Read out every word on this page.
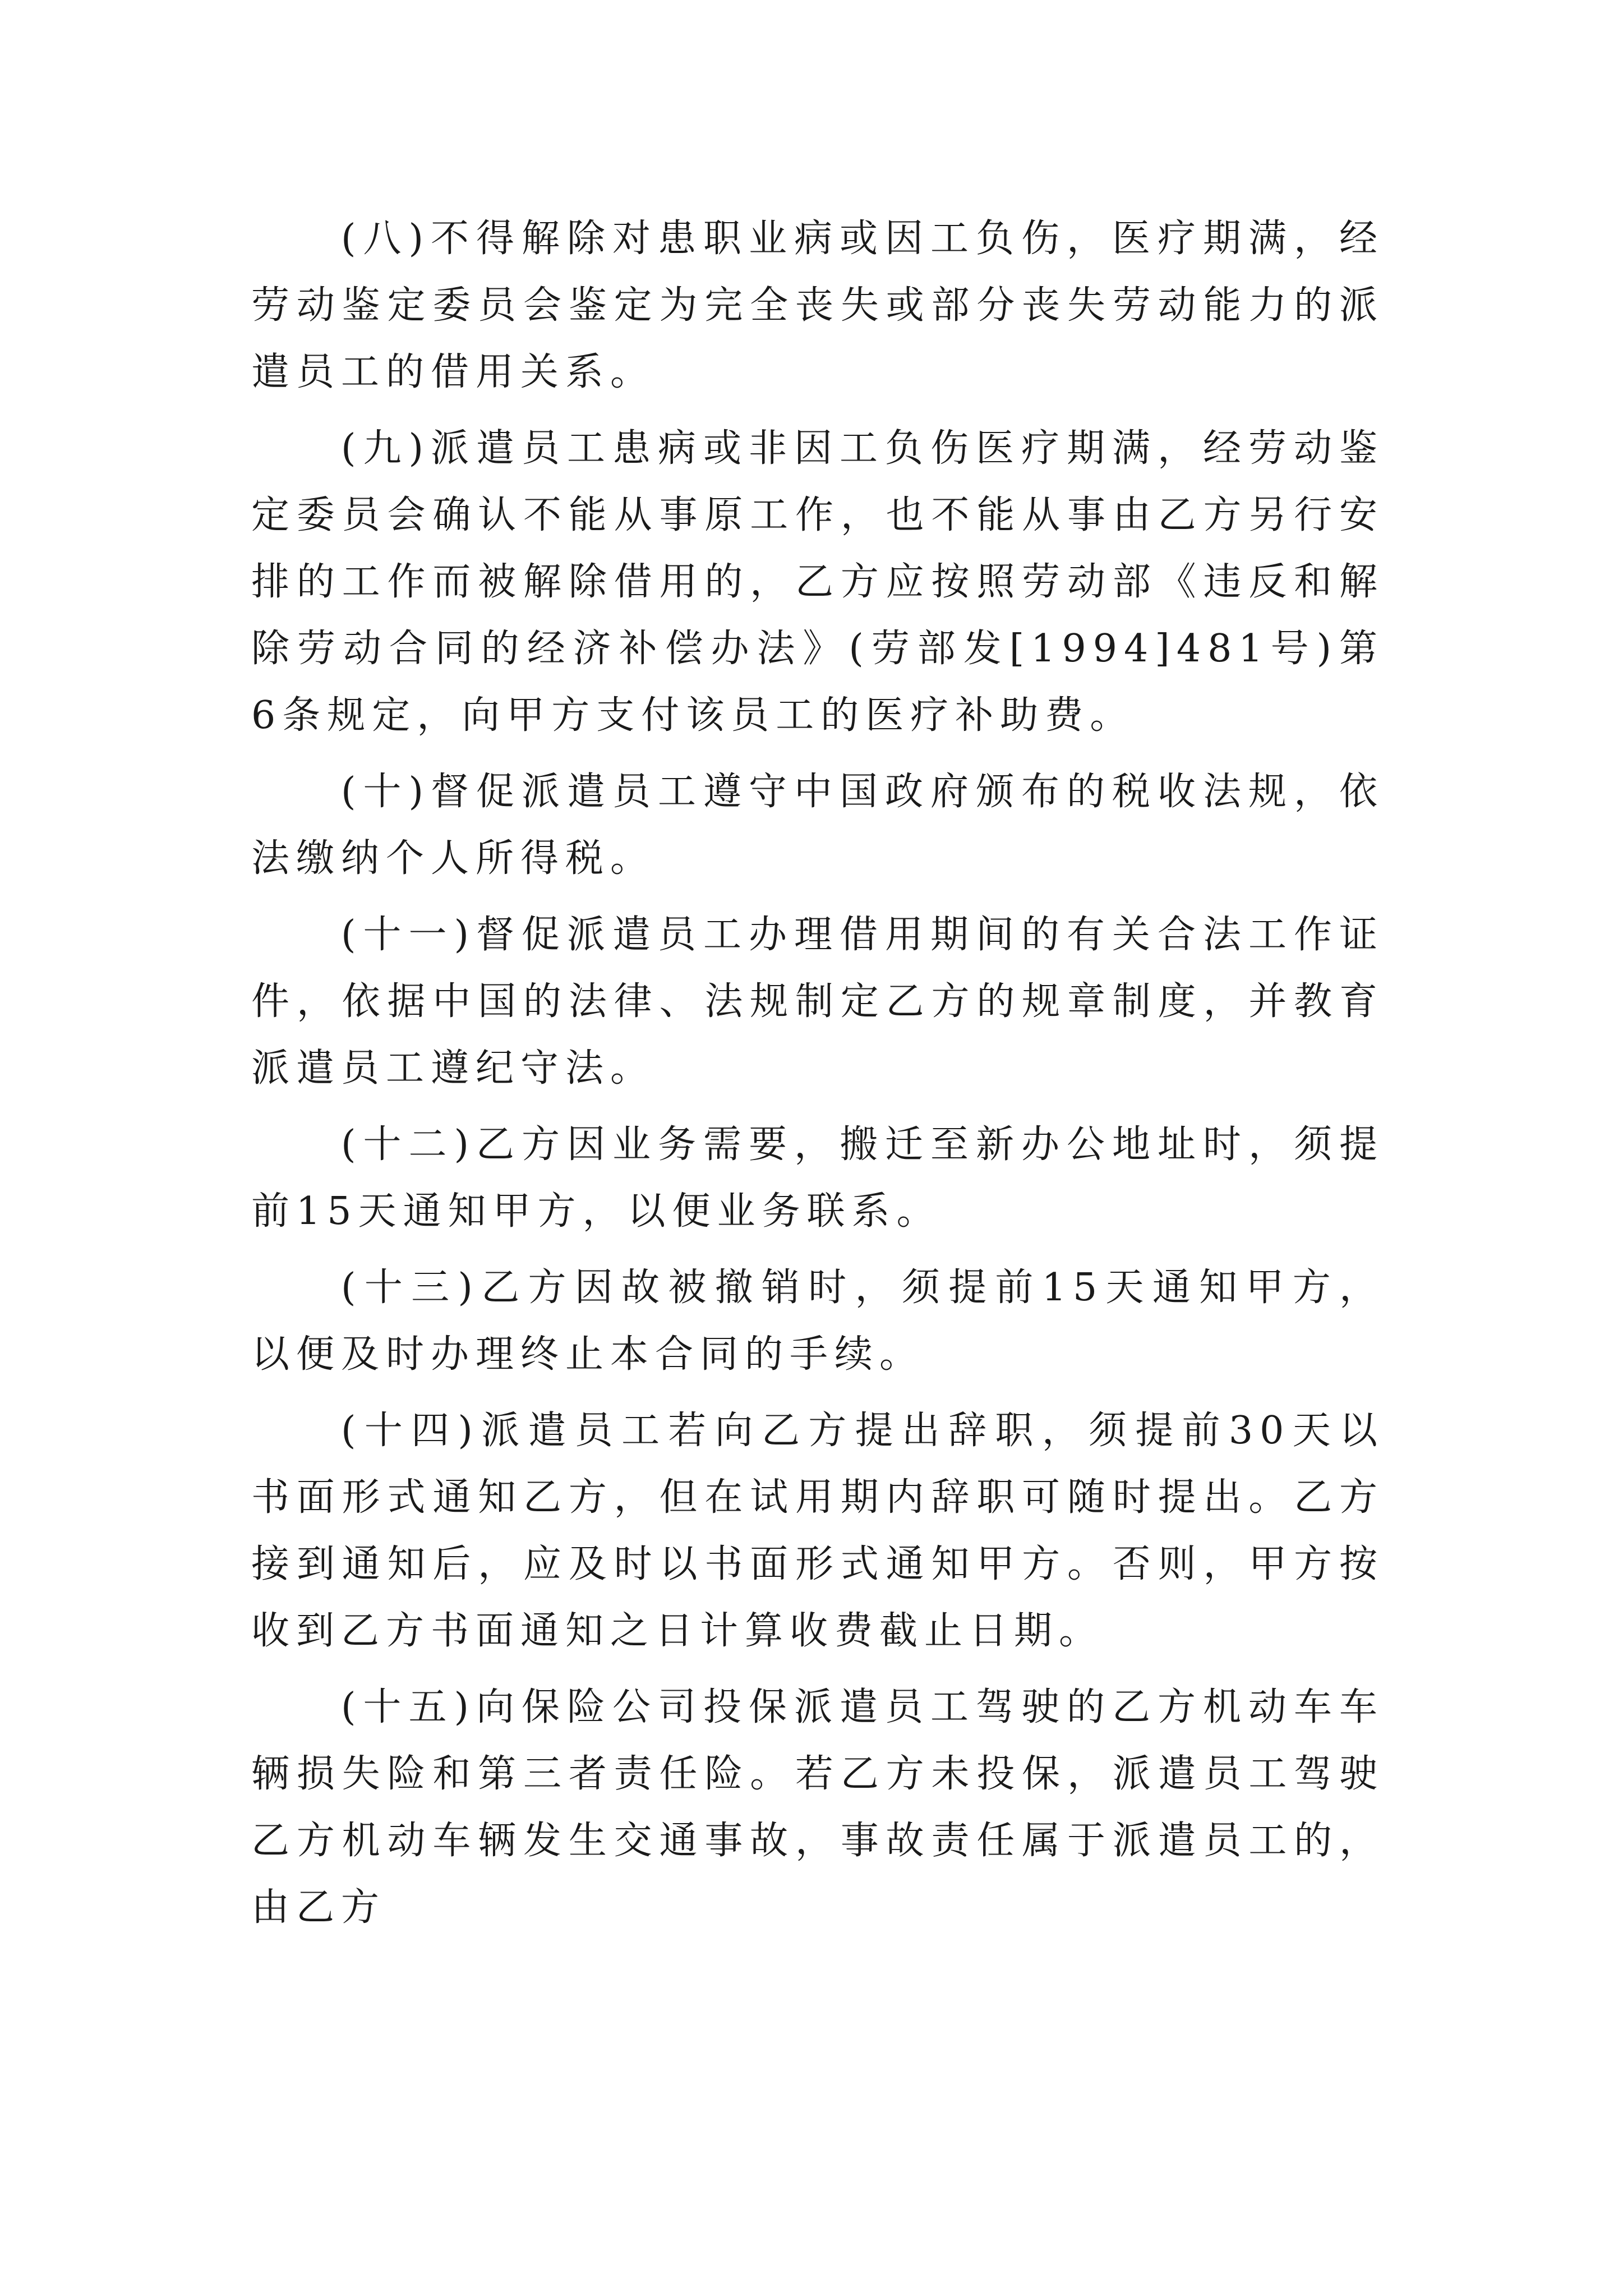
(八)不得解除对患职业病或因工负伤，医疗期满，经劳动鉴定委员会鉴定为完全丧失或部分丧失劳动能力的派遣员工的借用关系。

(九)派遣员工患病或非因工负伤医疗期满，经劳动鉴定委员会确认不能从事原工作，也不能从事由乙方另行安排的工作而被解除借用的，乙方应按照劳动部《违反和解除劳动合同的经济补偿办法》(劳部发[1994]481号)第6条规定，向甲方支付该员工的医疗补助费。

(十)督促派遣员工遵守中国政府颁布的税收法规，依法缴纳个人所得税。

(十一)督促派遣员工办理借用期间的有关合法工作证件，依据中国的法律、法规制定乙方的规章制度，并教育派遣员工遵纪守法。

(十二)乙方因业务需要，搬迁至新办公地址时，须提前15天通知甲方，以便业务联系。

(十三)乙方因故被撤销时，须提前15天通知甲方，以便及时办理终止本合同的手续。

(十四)派遣员工若向乙方提出辞职，须提前30天以书面形式通知乙方，但在试用期内辞职可随时提出。乙方接到通知后，应及时以书面形式通知甲方。否则，甲方按收到乙方书面通知之日计算收费截止日期。

(十五)向保险公司投保派遣员工驾驶的乙方机动车车辆损失险和第三者责任险。若乙方未投保，派遣员工驾驶乙方机动车辆发生交通事故，事故责任属于派遣员工的，由乙方
